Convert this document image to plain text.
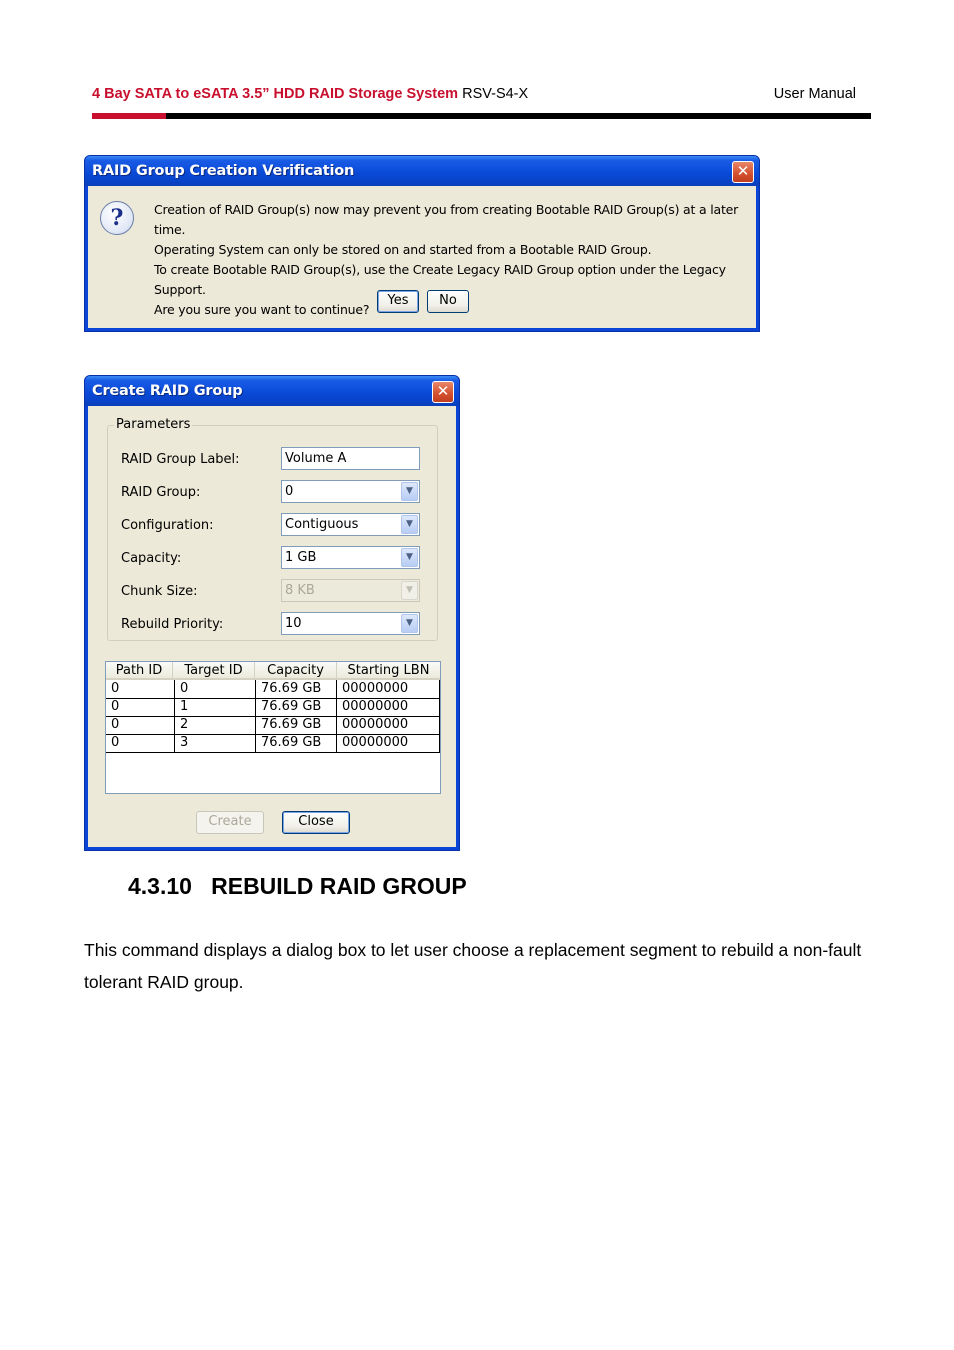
4 Bay SATA to eSATA 3.5” HDD RAID Storage System RSV-S4-X	User Manual
RAID Group Creation Verification	✕
?	Creation of RAID Group(s) now may prevent you from creating Bootable RAID Group(s) at a later time.
Operating System can only be stored on and started from a Bootable RAID Group.
To create Bootable RAID Group(s), use the Create Legacy RAID Group option under the Legacy Support.
Are you sure you want to continue?
Yes	No
Create RAID Group	✕
Parameters
RAID Group Label:	Volume A
RAID Group:	0	▼
Configuration:	Contiguous	▼
Capacity:	1 GB	▼
Chunk Size:	8 KB	▼
Rebuild Priority:	10	▼
Path ID	Target ID	Capacity	Starting LBN
0	0	76.69 GB	00000000
0	1	76.69 GB	00000000
0	2	76.69 GB	00000000
0	3	76.69 GB	00000000
Create	Close
4.3.10 REBUILD RAID GROUP

This command displays a dialog box to let user choose a replacement segment to rebuild a non-fault tolerant RAID group.
